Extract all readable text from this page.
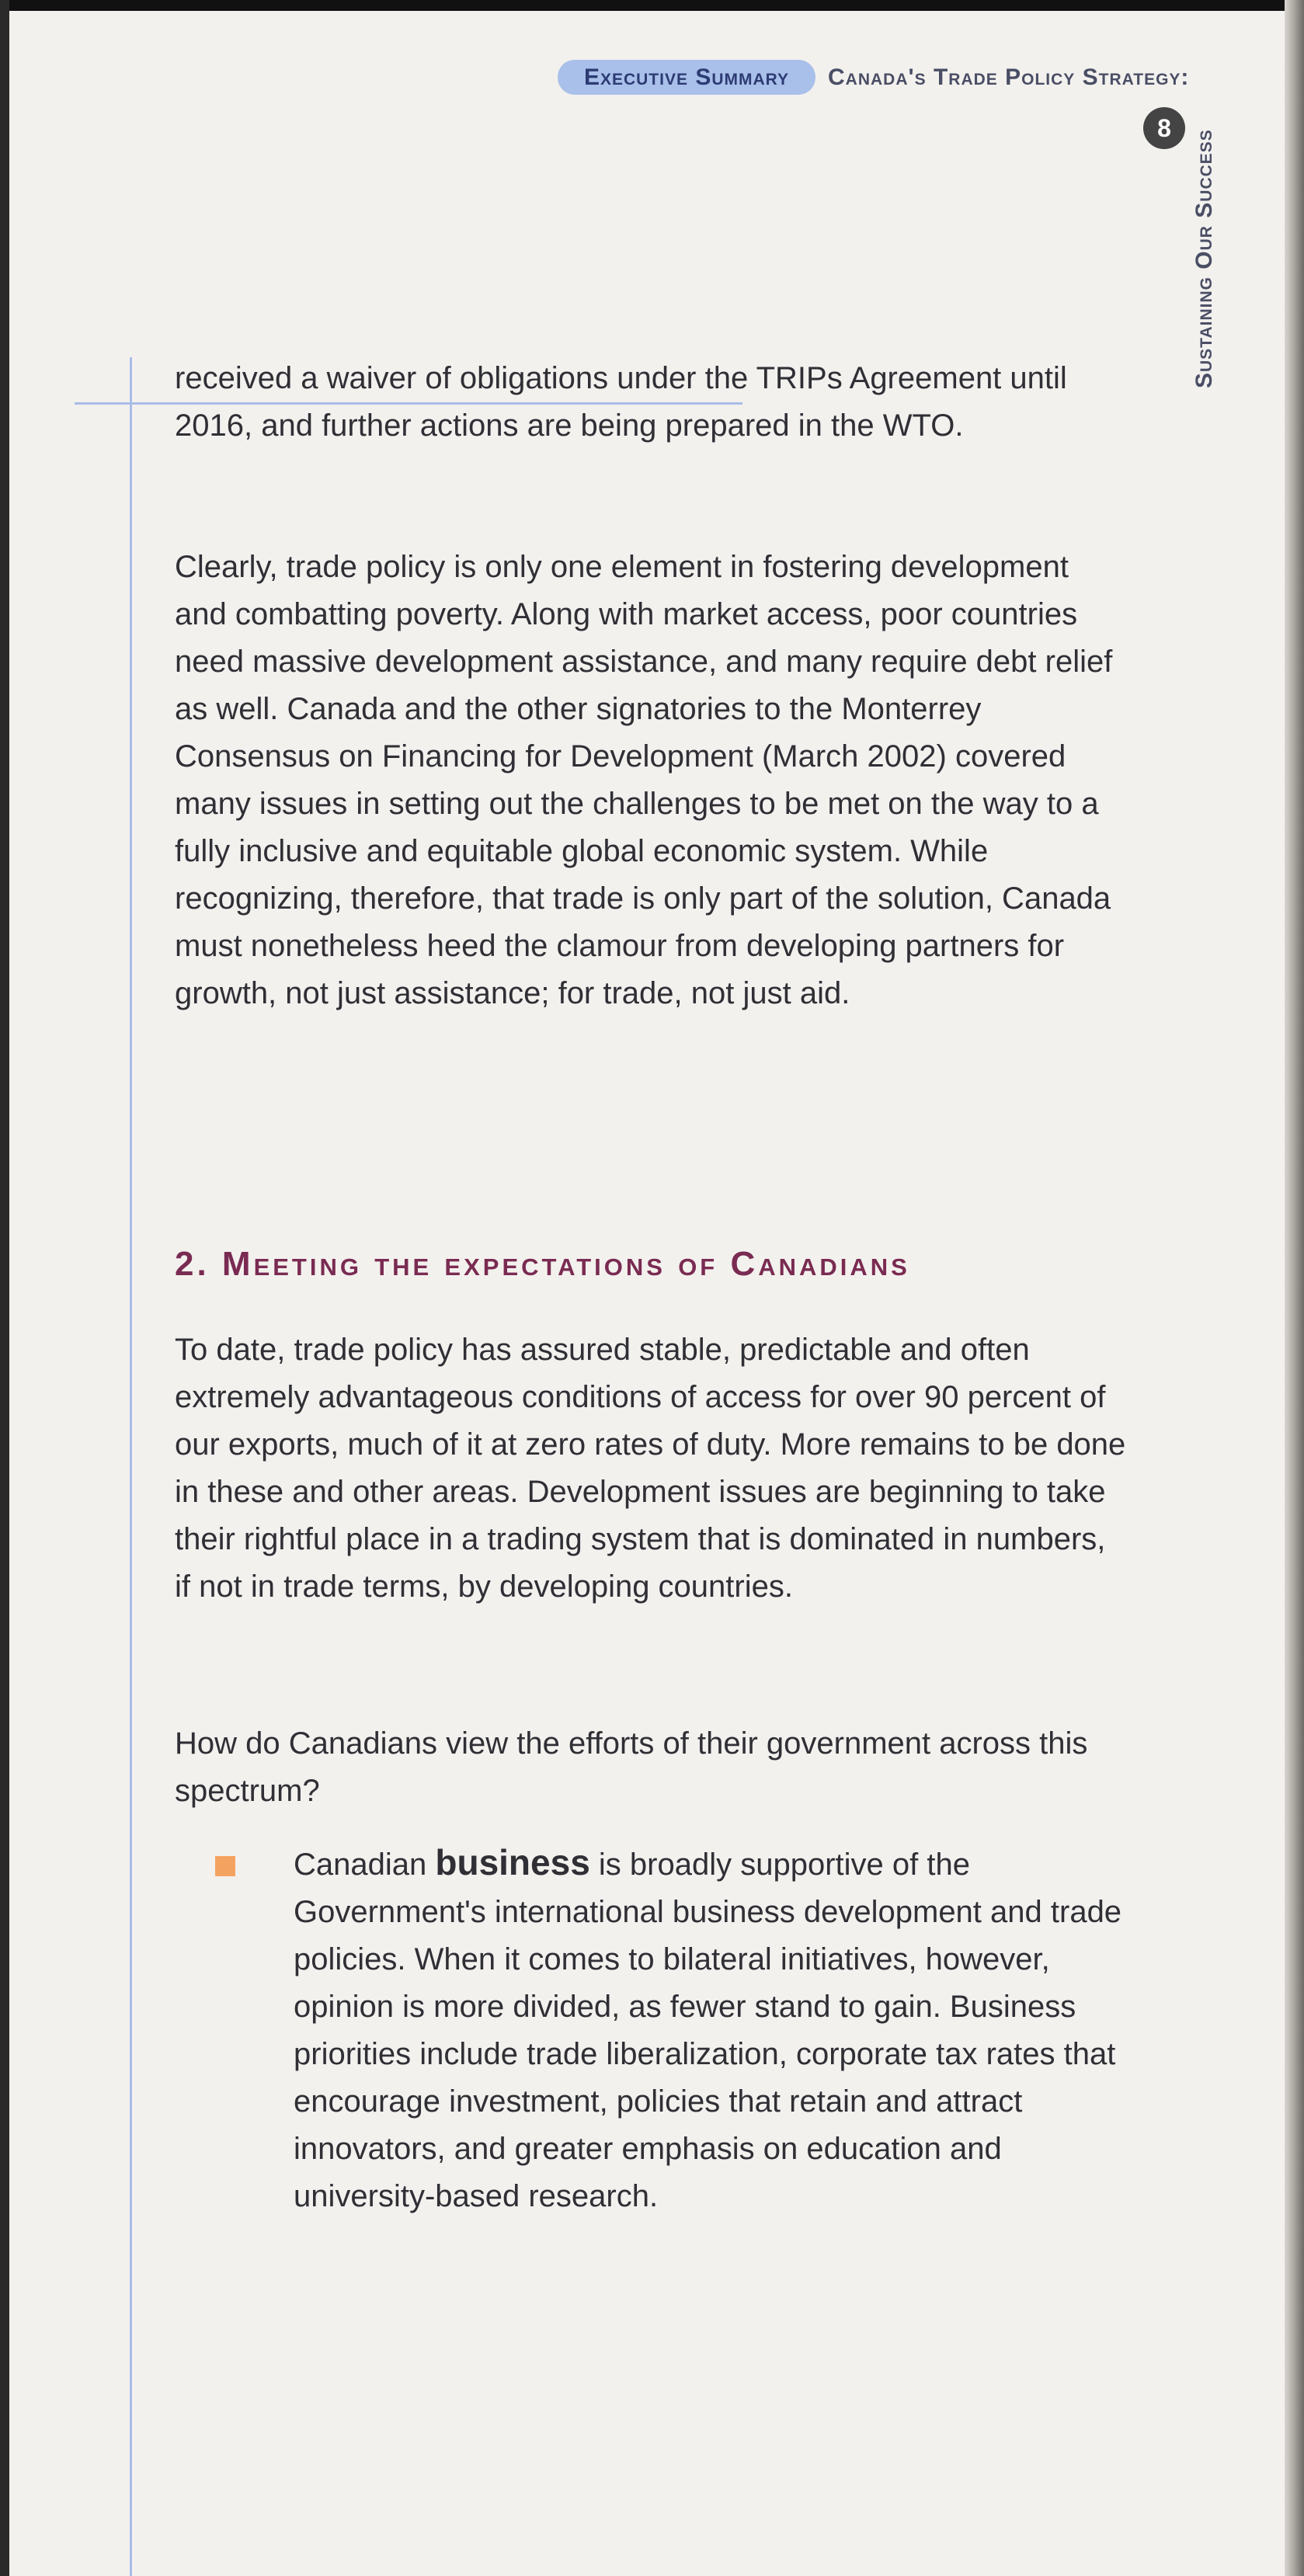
Executive Summary Canada's Trade Policy Strategy:
8
Sustaining Our Success

received a waiver of obligations under the TRIPs Agreement until 2016, and further actions are being prepared in the WTO.

Clearly, trade policy is only one element in fostering development and combatting poverty. Along with market access, poor countries need massive development assistance, and many require debt relief as well. Canada and the other signatories to the Monterrey Consensus on Financing for Development (March 2002) covered many issues in setting out the challenges to be met on the way to a fully inclusive and equitable global economic system. While recognizing, therefore, that trade is only part of the solution, Canada must nonetheless heed the clamour from developing partners for growth, not just assistance; for trade, not just aid.

2. Meeting the expectations of Canadians

To date, trade policy has assured stable, predictable and often extremely advantageous conditions of access for over 90 percent of our exports, much of it at zero rates of duty. More remains to be done in these and other areas. Development issues are beginning to take their rightful place in a trading system that is dominated in numbers, if not in trade terms, by developing countries.

How do Canadians view the efforts of their government across this spectrum?

Canadian business is broadly supportive of the Government's international business development and trade policies. When it comes to bilateral initiatives, however, opinion is more divided, as fewer stand to gain. Business priorities include trade liberalization, corporate tax rates that encourage investment, policies that retain and attract innovators, and greater emphasis on education and university-based research.
